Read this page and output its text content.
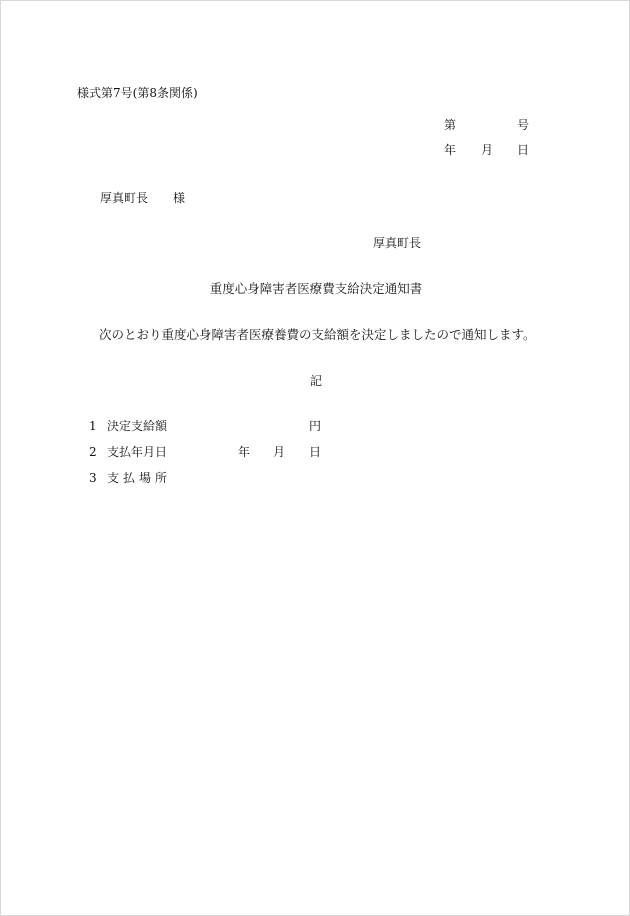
様式第7号(第8条関係)
第	号
年 月 日
厚真町長 様
厚真町長
重度心身障害者医療費支給決定通知書
次のとおり重度心身障害者医療養費の支給額を決定しましたので通知します。
記
1 決定支給額	円
2 支払年月日	年 月 日
3 支払場所
